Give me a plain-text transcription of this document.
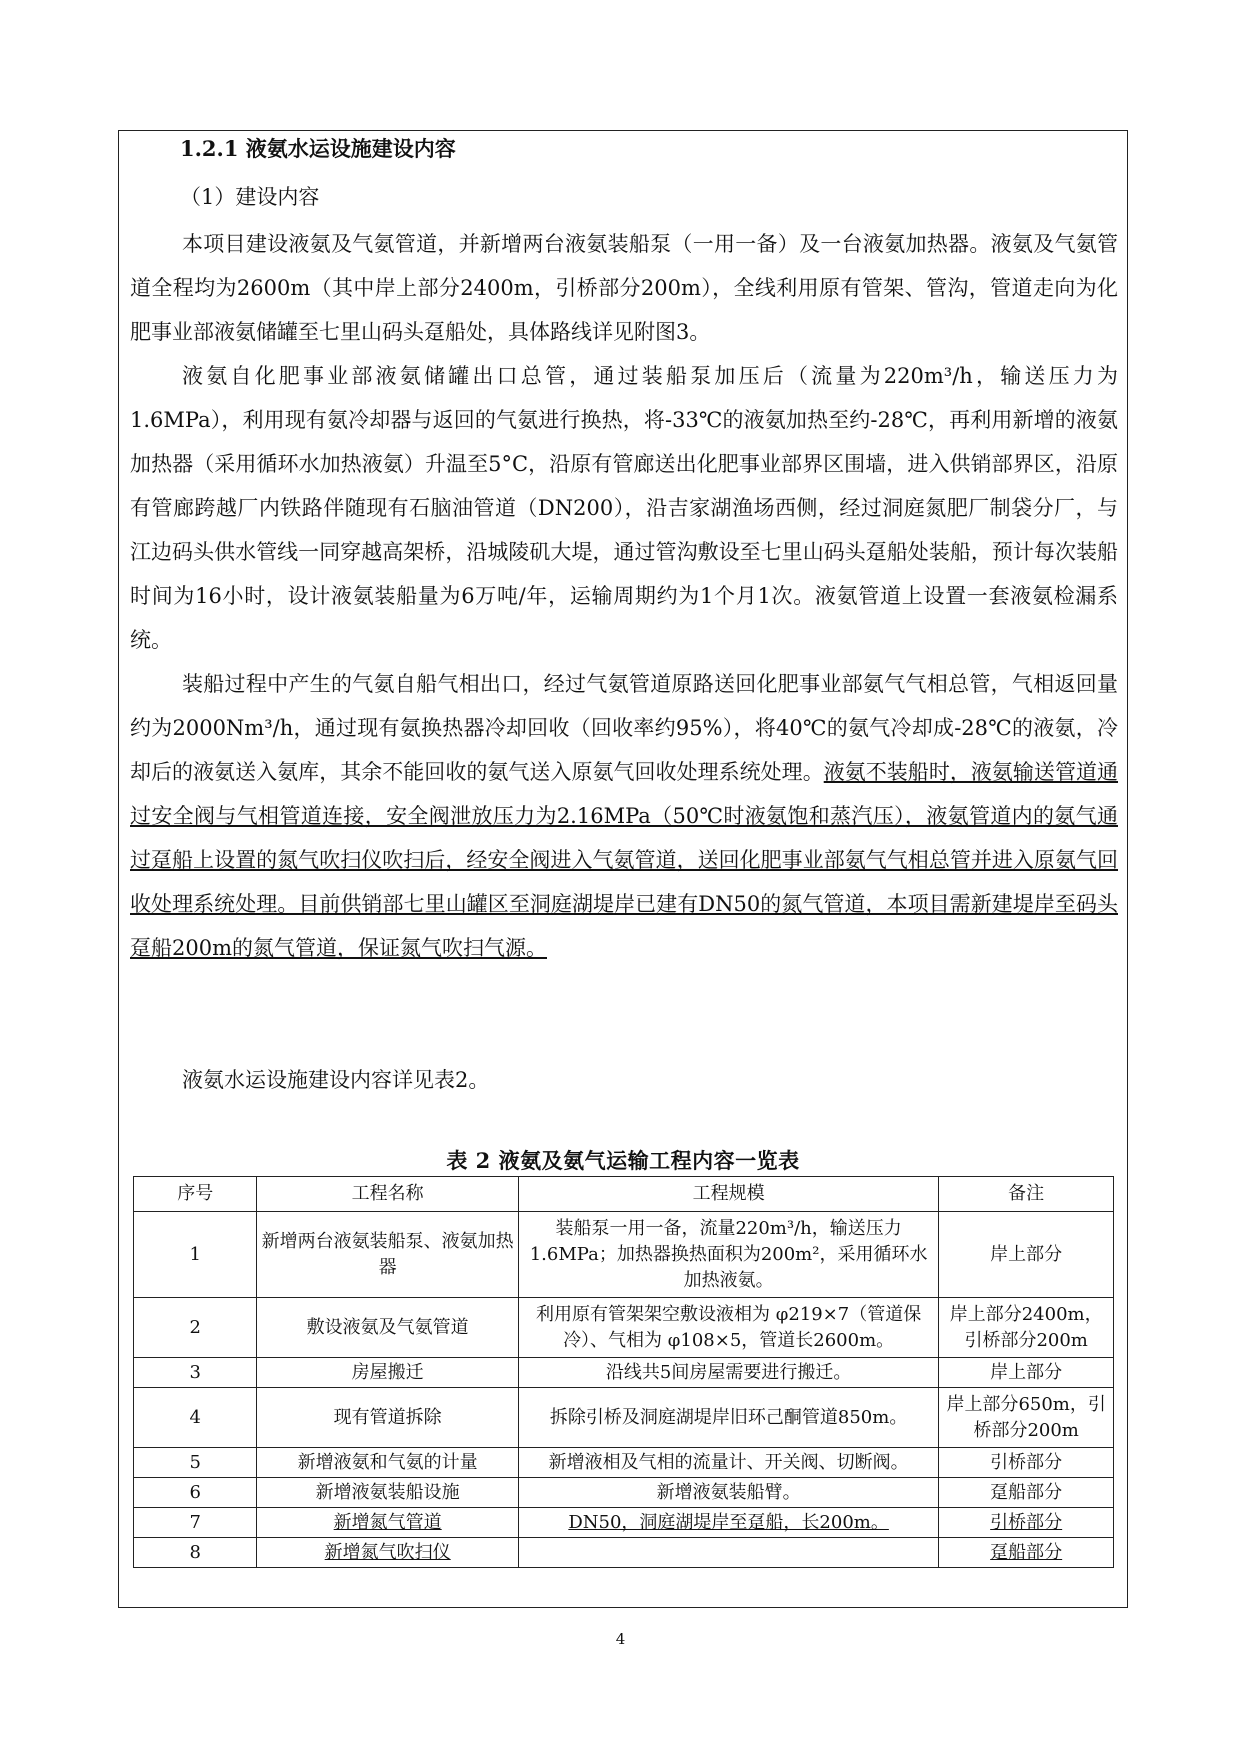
1.2.1 液氨水运设施建设内容
（1）建设内容

本项目建设液氨及气氨管道，并新增两台液氨装船泵（一用一备）及一台液氨加热器。液氨及气氨管道全程均为2600m（其中岸上部分2400m，引桥部分200m），全线利用原有管架、管沟，管道走向为化肥事业部液氨储罐至七里山码头趸船处，具体路线详见附图3。

液氨自化肥事业部液氨储罐出口总管，通过装船泵加压后（流量为220m³/h，输送压力为1.6MPa），利用现有氨冷却器与返回的气氨进行换热，将-33℃的液氨加热至约-28℃，再利用新增的液氨加热器（采用循环水加热液氨）升温至5°C，沿原有管廊送出化肥事业部界区围墙，进入供销部界区，沿原有管廊跨越厂内铁路伴随现有石脑油管道（DN200），沿吉家湖渔场西侧，经过洞庭氮肥厂制袋分厂，与江边码头供水管线一同穿越高架桥，沿城陵矶大堤，通过管沟敷设至七里山码头趸船处装船，预计每次装船时间为16小时，设计液氨装船量为6万吨/年，运输周期约为1个月1次。液氨管道上设置一套液氨检漏系统。

装船过程中产生的气氨自船气相出口，经过气氨管道原路送回化肥事业部氨气气相总管，气相返回量约为2000Nm³/h，通过现有氨换热器冷却回收（回收率约95%），将40℃的氨气冷却成-28℃的液氨，冷却后的液氨送入氨库，其余不能回收的氨气送入原氨气回收处理系统处理。液氨不装船时，液氨输送管道通过安全阀与气相管道连接，安全阀泄放压力为2.16MPa（50℃时液氨饱和蒸汽压），液氨管道内的氨气通过趸船上设置的氮气吹扫仪吹扫后，经安全阀进入气氨管道，送回化肥事业部氨气气相总管并进入原氨气回收处理系统处理。目前供销部七里山罐区至洞庭湖堤岸已建有DN50的氮气管道，本项目需新建堤岸至码头趸船200m的氮气管道，保证氮气吹扫气源。

液氨水运设施建设内容详见表2。

表 2 液氨及氨气运输工程内容一览表
序号	工程名称	工程规模	备注
1	新增两台液氨装船泵、液氨加热器	装船泵一用一备，流量220m³/h，输送压力1.6MPa；加热器换热面积为200m²，采用循环水加热液氨。	岸上部分
2	敷设液氨及气氨管道	利用原有管架架空敷设液相为 φ219×7（管道保冷）、气相为 φ108×5，管道长2600m。	岸上部分2400m，引桥部分200m
3	房屋搬迁	沿线共5间房屋需要进行搬迁。	岸上部分
4	现有管道拆除	拆除引桥及洞庭湖堤岸旧环己酮管道850m。	岸上部分650m，引桥部分200m
5	新增液氨和气氨的计量	新增液相及气相的流量计、开关阀、切断阀。	引桥部分
6	新增液氨装船设施	新增液氨装船臂。	趸船部分
7	新增氮气管道	DN50，洞庭湖堤岸至趸船，长200m。	引桥部分
8	新增氮气吹扫仪		趸船部分
4
